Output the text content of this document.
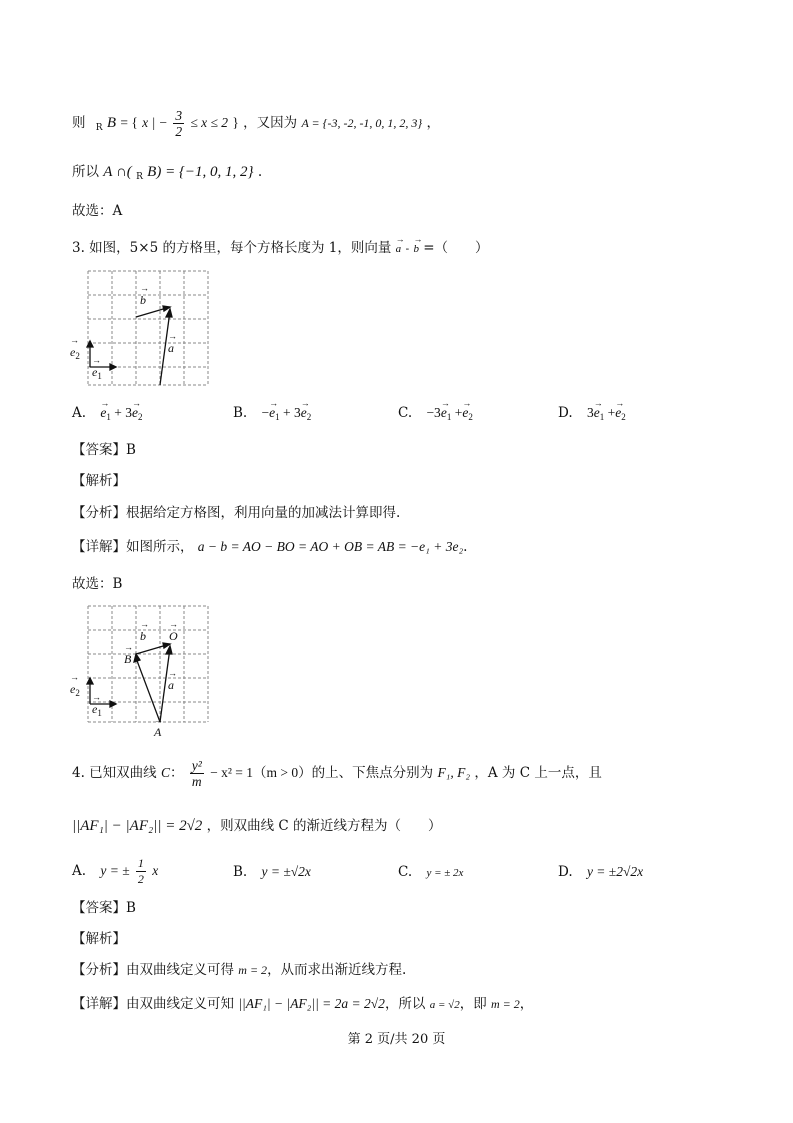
则 $_R$ B = { x | − $\frac{3}{2} \le x \le 2$ } ，又因为 A = {-3, -2, -1, 0, 1, 2, 3} ，
所以 A ∩( $_R$ B) = {−1, 0, 1, 2} .
故选：A
3. 如图，5×5 的方格里，每个方格长度为 1，则向量 → a - → b =（　　）
→ b
→ a
→ $e_1$
→ $e_2$
A. → $e_1 + 3\to e_2$	B. −→ $e_1 + 3\to e_2$	C. $-3\to e_1 +\to e_2$	D. $3\to e_1 +\to e_2$
【答案】B
【解析】
【分析】根据给定方格图，利用向量的加减法计算即得.
【详解】如图所示， a − b = AO − BO = AO + OB = AB = −e₁ + 3e₂.
故选：B
→ b → O
→ B
→ a
→ A
→ $e_1$
→ $e_2$
4. 已知双曲线 C： $\frac{\text{y²}}{m} - x^2 = 1(m > 0)$的上、下焦点分别为 F₁, F₂ ，A 为 C 上一点，且
||AF₁| − |AF₂|| = 2√2 ，则双曲线 C 的渐近线方程为（　　）
A. y = ± $\frac{1}{2}$ x	B. y = ±√2x	C. y = ± 2x	D. y = ±2√2x
【答案】B
【解析】
【分析】由双曲线定义可得 m = 2，从而求出渐近线方程.
【详解】由双曲线定义可知 ||AF₁| − |AF₂|| = 2a = 2√2，所以 a = √2，即 m = 2，
第 2 页/共 20 页
